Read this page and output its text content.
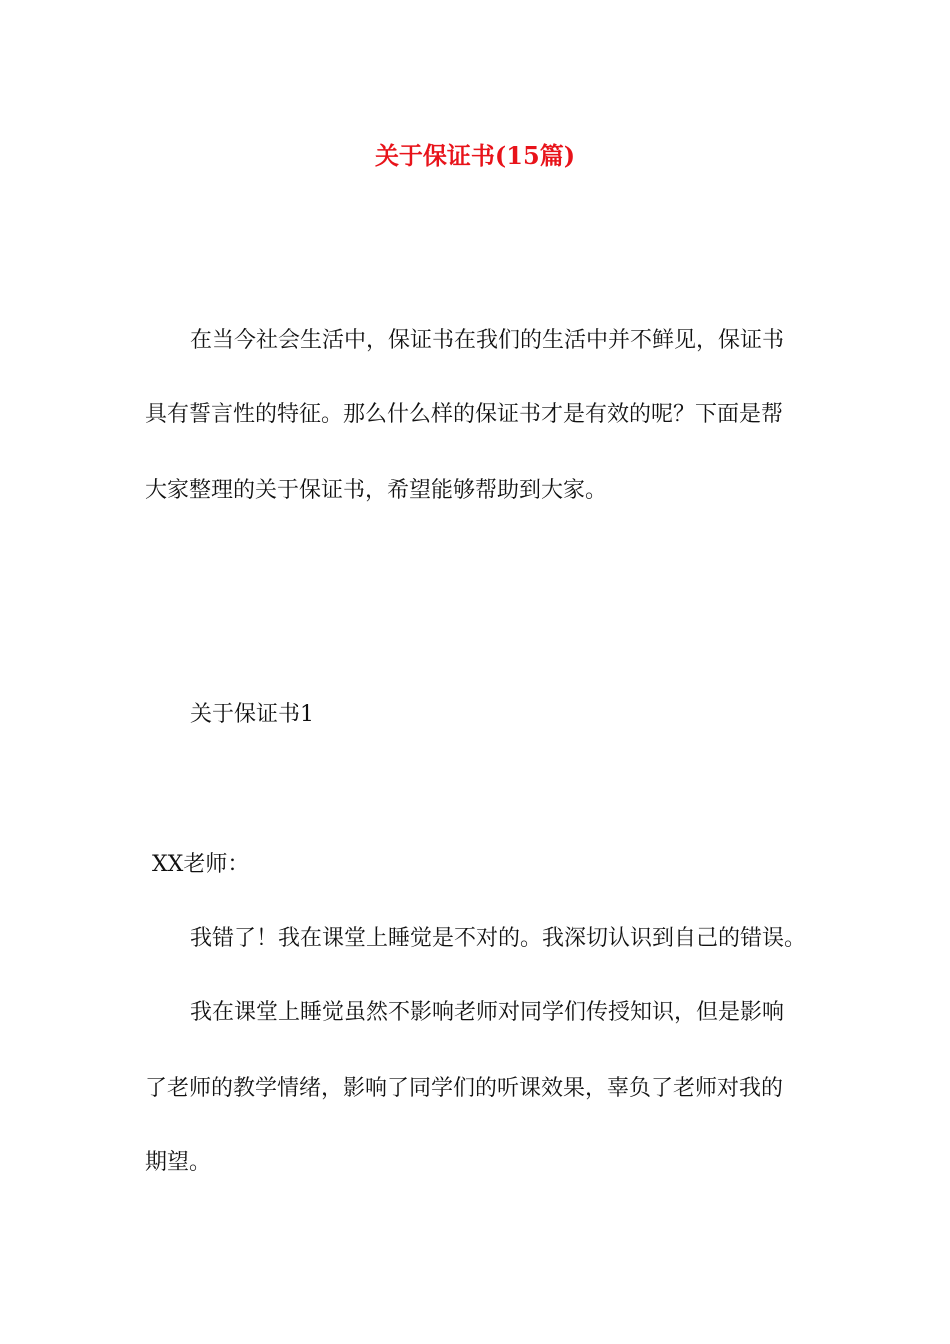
关于保证书(15篇)

在当今社会生活中，保证书在我们的生活中并不鲜见，保证书

具有誓言性的特征。那么什么样的保证书才是有效的呢？下面是帮

大家整理的关于保证书，希望能够帮助到大家。

关于保证书1

XX老师：

我错了！我在课堂上睡觉是不对的。我深切认识到自己的错误。

我在课堂上睡觉虽然不影响老师对同学们传授知识，但是影响

了老师的教学情绪，影响了同学们的听课效果，辜负了老师对我的

期望。
